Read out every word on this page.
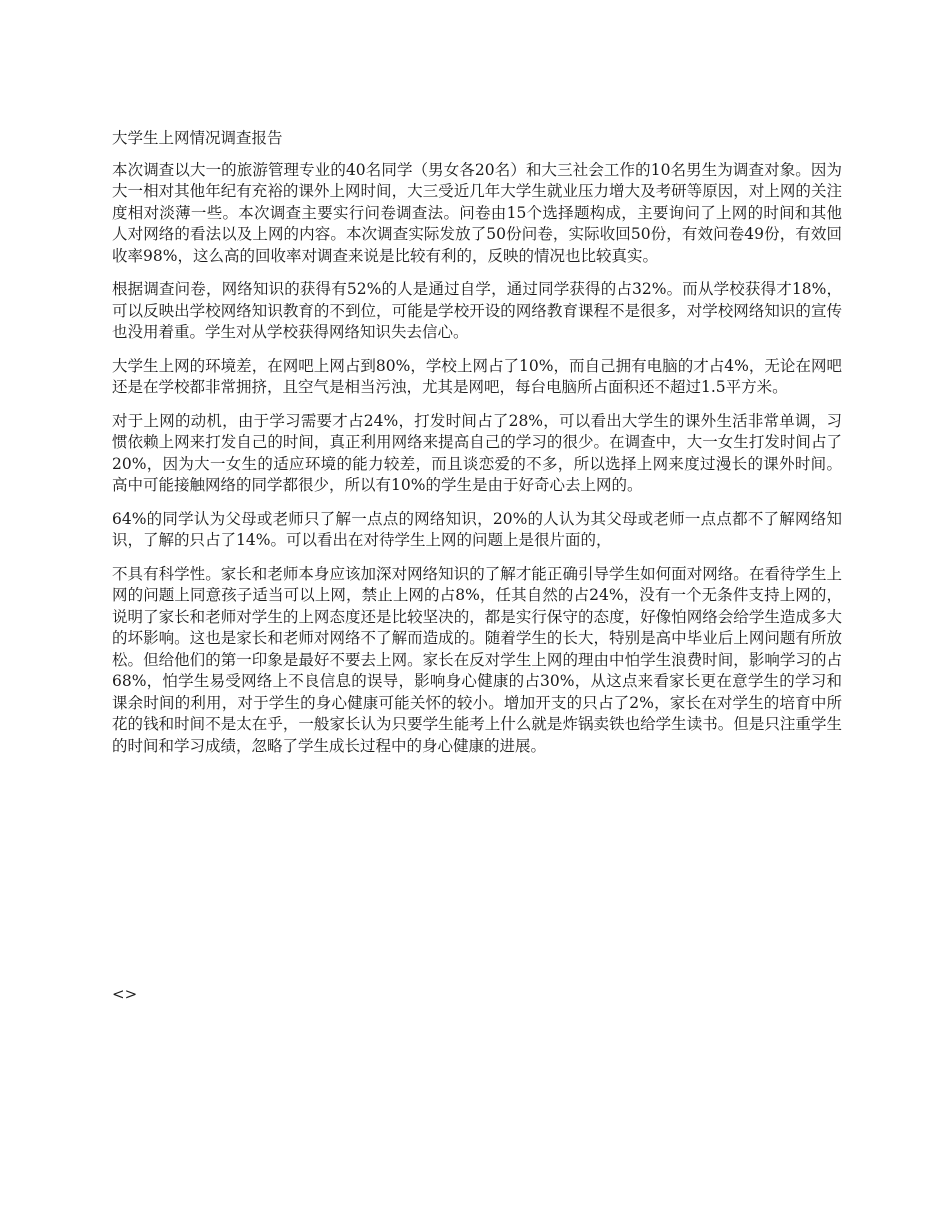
大学生上网情况调查报告

本次调查以大一的旅游管理专业的40名同学（男女各20名）和大三社会工作的10名男生为调查对象。因为大一相对其他年纪有充裕的课外上网时间，大三受近几年大学生就业压力增大及考研等原因，对上网的关注度相对淡薄一些。本次调查主要实行问卷调查法。问卷由15个选择题构成，主要询问了上网的时间和其他人对网络的看法以及上网的内容。本次调查实际发放了50份问卷，实际收回50份，有效问卷49份，有效回收率98%，这么高的回收率对调查来说是比较有利的，反映的情况也比较真实。

根据调查问卷，网络知识的获得有52%的人是通过自学，通过同学获得的占32%。而从学校获得才18%，可以反映出学校网络知识教育的不到位，可能是学校开设的网络教育课程不是很多，对学校网络知识的宣传也没用着重。学生对从学校获得网络知识失去信心。

大学生上网的环境差，在网吧上网占到80%，学校上网占了10%，而自己拥有电脑的才占4%，无论在网吧还是在学校都非常拥挤，且空气是相当污浊，尤其是网吧，每台电脑所占面积还不超过1.5平方米。

对于上网的动机，由于学习需要才占24%，打发时间占了28%，可以看出大学生的课外生活非常单调，习惯依赖上网来打发自己的时间，真正利用网络来提高自己的学习的很少。在调查中，大一女生打发时间占了20%，因为大一女生的适应环境的能力较差，而且谈恋爱的不多，所以选择上网来度过漫长的课外时间。高中可能接触网络的同学都很少，所以有10%的学生是由于好奇心去上网的。

64%的同学认为父母或老师只了解一点点的网络知识，20%的人认为其父母或老师一点点都不了解网络知识，了解的只占了14%。可以看出在对待学生上网的问题上是很片面的，

不具有科学性。家长和老师本身应该加深对网络知识的了解才能正确引导学生如何面对网络。在看待学生上网的问题上同意孩子适当可以上网，禁止上网的占8%，任其自然的占24%，没有一个无条件支持上网的，说明了家长和老师对学生的上网态度还是比较坚决的，都是实行保守的态度，好像怕网络会给学生造成多大的坏影响。这也是家长和老师对网络不了解而造成的。随着学生的长大，特别是高中毕业后上网问题有所放松。但给他们的第一印象是最好不要去上网。家长在反对学生上网的理由中怕学生浪费时间，影响学习的占68%，怕学生易受网络上不良信息的误导，影响身心健康的占30%，从这点来看家长更在意学生的学习和课余时间的利用，对于学生的身心健康可能关怀的较小。增加开支的只占了2%，家长在对学生的培育中所花的钱和时间不是太在乎，一般家长认为只要学生能考上什么就是炸锅卖铁也给学生读书。但是只注重学生的时间和学习成绩，忽略了学生成长过程中的身心健康的进展。

<>
